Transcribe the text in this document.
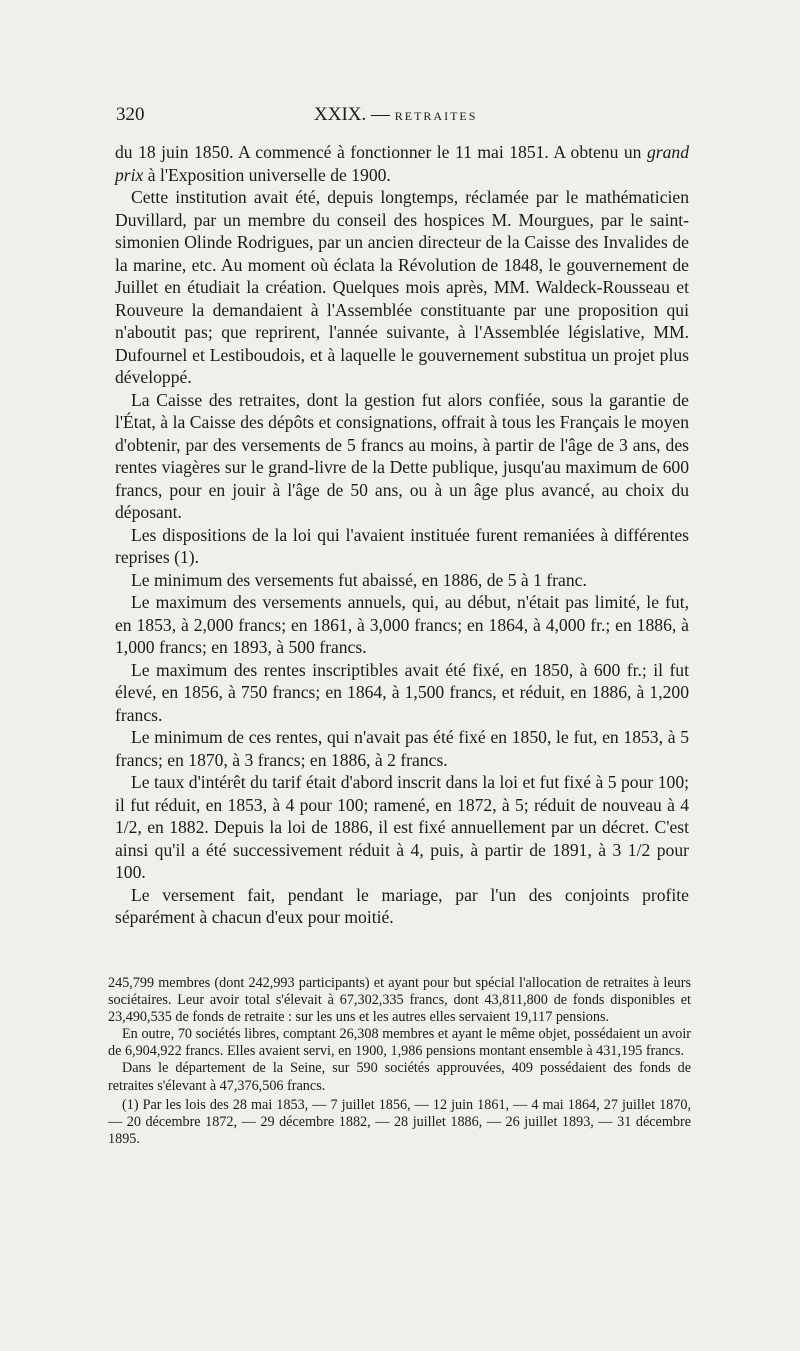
320	XXIX. — RETRAITES

du 18 juin 1850. A commencé à fonctionner le 11 mai 1851. A obtenu un grand prix à l'Exposition universelle de 1900.

Cette institution avait été, depuis longtemps, réclamée par le mathématicien Duvillard, par un membre du conseil des hospices M. Mourgues, par le saint-simonien Olinde Rodrigues, par un ancien directeur de la Caisse des Invalides de la marine, etc. Au moment où éclata la Révolution de 1848, le gouvernement de Juillet en étudiait la création. Quelques mois après, MM. Waldeck-Rousseau et Rouveure la demandaient à l'Assemblée constituante par une proposition qui n'aboutit pas; que reprirent, l'année suivante, à l'Assemblée législative, MM. Dufournel et Lestiboudois, et à laquelle le gouvernement substitua un projet plus développé.

La Caisse des retraites, dont la gestion fut alors confiée, sous la garantie de l'État, à la Caisse des dépôts et consignations, offrait à tous les Français le moyen d'obtenir, par des versements de 5 francs au moins, à partir de l'âge de 3 ans, des rentes viagères sur le grand-livre de la Dette publique, jusqu'au maximum de 600 francs, pour en jouir à l'âge de 50 ans, ou à un âge plus avancé, au choix du déposant.

Les dispositions de la loi qui l'avaient instituée furent remaniées à différentes reprises (1).

Le minimum des versements fut abaissé, en 1886, de 5 à 1 franc.

Le maximum des versements annuels, qui, au début, n'était pas limité, le fut, en 1853, à 2,000 francs; en 1861, à 3,000 francs; en 1864, à 4,000 fr.; en 1886, à 1,000 francs; en 1893, à 500 francs.

Le maximum des rentes inscriptibles avait été fixé, en 1850, à 600 fr.; il fut élevé, en 1856, à 750 francs; en 1864, à 1,500 francs, et réduit, en 1886, à 1,200 francs.

Le minimum de ces rentes, qui n'avait pas été fixé en 1850, le fut, en 1853, à 5 francs; en 1870, à 3 francs; en 1886, à 2 francs.

Le taux d'intérêt du tarif était d'abord inscrit dans la loi et fut fixé à 5 pour 100; il fut réduit, en 1853, à 4 pour 100; ramené, en 1872, à 5; réduit de nouveau à 4 1/2, en 1882. Depuis la loi de 1886, il est fixé annuellement par un décret. C'est ainsi qu'il a été successivement réduit à 4, puis, à partir de 1891, à 3 1/2 pour 100.

Le versement fait, pendant le mariage, par l'un des conjoints profite séparément à chacun d'eux pour moitié.

245,799 membres (dont 242,993 participants) et ayant pour but spécial l'allocation de retraites à leurs sociétaires. Leur avoir total s'élevait à 67,302,335 francs, dont 43,811,800 de fonds disponibles et 23,490,535 de fonds de retraite : sur les uns et les autres elles servaient 19,117 pensions.

En outre, 70 sociétés libres, comptant 26,308 membres et ayant le même objet, possédaient un avoir de 6,904,922 francs. Elles avaient servi, en 1900, 1,986 pensions montant ensemble à 431,195 francs.

Dans le département de la Seine, sur 590 sociétés approuvées, 409 possédaient des fonds de retraites s'élevant à 47,376,506 francs.

(1) Par les lois des 28 mai 1853, — 7 juillet 1856, — 12 juin 1861, — 4 mai 1864, 27 juillet 1870, — 20 décembre 1872, — 29 décembre 1882, — 28 juillet 1886, — 26 juillet 1893, — 31 décembre 1895.
